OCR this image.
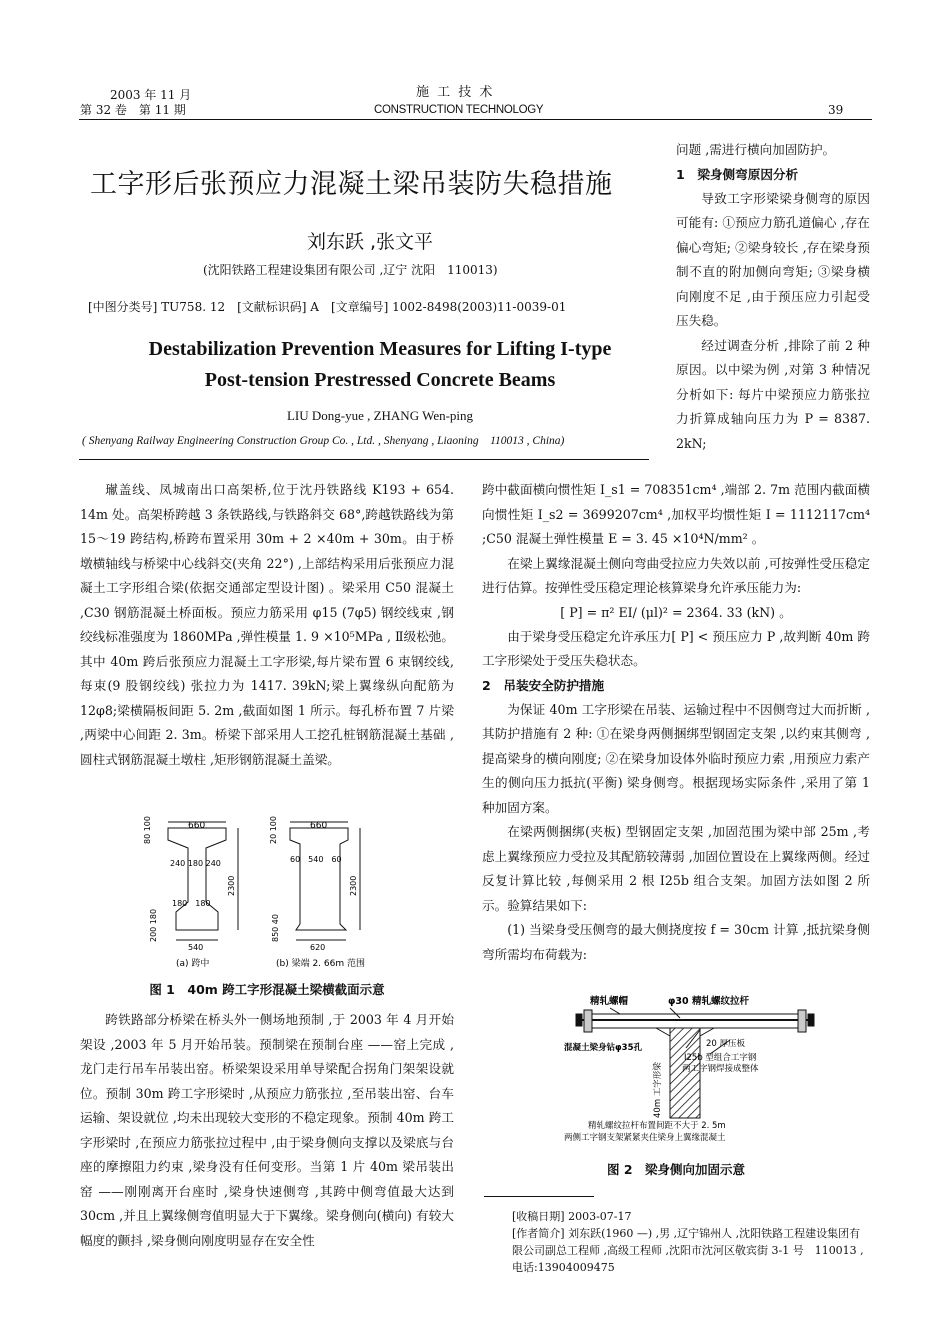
2003 年 11 月
第 32 卷　第 11 期
施 工 技 术
CONSTRUCTION TECHNOLOGY	39
工字形后张预应力混凝土梁吊装防失稳措施
刘东跃 ,张文平
(沈阳铁路工程建设集团有限公司 ,辽宁 沈阳　110013)
[中图分类号] TU758. 12　[文献标识码] A　[文章编号] 1002-8498(2003)11-0039-01
Destabilization Prevention Measures for Lifting I-type
Post-tension Prestressed Concrete Beams
LIU Dong-yue , ZHANG Wen-ping
( Shenyang Railway Engineering Construction Group Co. , Ltd. , Shenyang , Liaoning　110013 , China)

问题 ,需进行横向加固防护。

1　梁身侧弯原因分析

导致工字形梁梁身侧弯的原因可能有: ①预应力筋孔道偏心 ,存在偏心弯矩; ②梁身较长 ,存在梁身预制不直的附加侧向弯矩; ③梁身横向刚度不足 ,由于预压应力引起受压失稳。

经过调查分析 ,排除了前 2 种原因。以中梁为例 ,对第 3 种情况分析如下: 每片中梁预应力筋张拉力折算成轴向压力为 P = 8387. 2kN;

𤩽盖线、凤城南出口高架桥,位于沈丹铁路线 K193 + 654. 14m 处。高架桥跨越 3 条铁路线,与铁路斜交 68°,跨越铁路线为第 15～19 跨结构,桥跨布置采用 30m + 2 ×40m + 30m。由于桥墩横轴线与桥梁中心线斜交(夹角 22°) ,上部结构采用后张预应力混凝土工字形组合梁(依据交通部定型设计图) 。梁采用 C50 混凝土 ,C30 钢筋混凝土桥面板。预应力筋采用 φ15 (7φ5) 钢绞线束 ,钢绞线标准强度为 1860MPa ,弹性模量 1. 9 ×10⁵MPa , Ⅱ级松弛。其中 40m 跨后张预应力混凝土工字形梁,每片梁布置 6 束钢绞线,每束(9 股钢绞线) 张拉力为 1417. 39kN;梁上翼缘纵向配筋为 12φ8;梁横隔板间距 5. 2m ,截面如图 1 所示。每孔桥布置 7 片梁 ,两梁中心间距 2. 3m。桥梁下部采用人工挖孔桩钢筋混凝土基础 ,圆柱式钢筋混凝土墩柱 ,矩形钢筋混凝土盖梁。

660
80 100
240 180 240
180　180
200 180
2300
540
(a) 跨中
660
20 100
60　540　60
850 40
2300
620
(b) 梁端 2. 66m 范围
图 1　40m 跨工字形混凝土梁横截面示意

跨铁路部分桥梁在桥头外一侧场地预制 ,于 2003 年 4 月开始架设 ,2003 年 5 月开始吊装。预制梁在预制台座 ——窑上完成 ,龙门走行吊车吊装出窑。桥梁架设采用单导梁配合拐角门架架设就位。预制 30m 跨工字形梁时 ,从预应力筋张拉 ,至吊装出窑、台车运输、架设就位 ,均未出现较大变形的不稳定现象。预制 40m 跨工字形梁时 ,在预应力筋张拉过程中 ,由于梁身侧向支撑以及梁底与台座的摩擦阻力约束 ,梁身没有任何变形。当第 1 片 40m 梁吊装出窑 ——刚刚离开台座时 ,梁身快速侧弯 ,其跨中侧弯值最大达到 30cm ,并且上翼缘侧弯值明显大于下翼缘。梁身侧向(横向) 有较大幅度的颤抖 ,梁身侧向刚度明显存在安全性

跨中截面横向惯性矩 I_s1 = 708351cm⁴ ,端部 2. 7m 范围内截面横向惯性矩 I_s2 = 3699207cm⁴ ,加权平均惯性矩 I = 1112117cm⁴ ;C50 混凝土弹性模量 E = 3. 45 ×10⁴N/mm² 。

在梁上翼缘混凝土侧向弯曲受拉应力失效以前 ,可按弹性受压稳定进行估算。按弹性受压稳定理论核算梁身允许承压能力为:

[ P] = π² EI/ (μl)² = 2364. 33 (kN) 。

由于梁身受压稳定允许承压力[ P] < 预压应力 P ,故判断 40m 跨工字形梁处于受压失稳状态。

2　吊装安全防护措施

为保证 40m 工字形梁在吊装、运输过程中不因侧弯过大而折断 ,其防护措施有 2 种: ①在梁身两侧捆绑型钢固定支架 ,以约束其侧弯 ,提高梁身的横向刚度; ②在梁身加设体外临时预应力索 ,用预应力索产生的侧向压力抵抗(平衡) 梁身侧弯。根据现场实际条件 ,采用了第 1 种加固方案。

在梁两侧捆绑(夹板) 型钢固定支架 ,加固范围为梁中部 25m ,考虑上翼缘预应力受拉及其配筋较薄弱 ,加固位置设在上翼缘两侧。经过反复计算比较 ,每侧采用 2 根 I25b 组合支架。加固方法如图 2 所示。验算结果如下:

(1) 当梁身受压侧弯的最大侧挠度按 f = 30cm 计算 ,抵抗梁身侧弯所需均布荷载为:

精轧螺帽	φ30 精轧螺纹拉杆
混凝土梁身钻φ35孔	20 厚压板
I25b 型组合工字钢
两工字钢焊接成整体
40m 工字形梁
精轧螺纹拉杆布置间距不大于 2. 5m
两侧工字钢支架紧紧夹住梁身上翼缘混凝土
图 2　梁身侧向加固示意

[收稿日期] 2003-07-17

[作者简介] 刘东跃(1960 —) ,男 ,辽宁锦州人 ,沈阳铁路工程建设集团有限公司副总工程师 ,高级工程师 ,沈阳市沈河区敬宾街 3-1 号　110013 ,电话:13904009475
